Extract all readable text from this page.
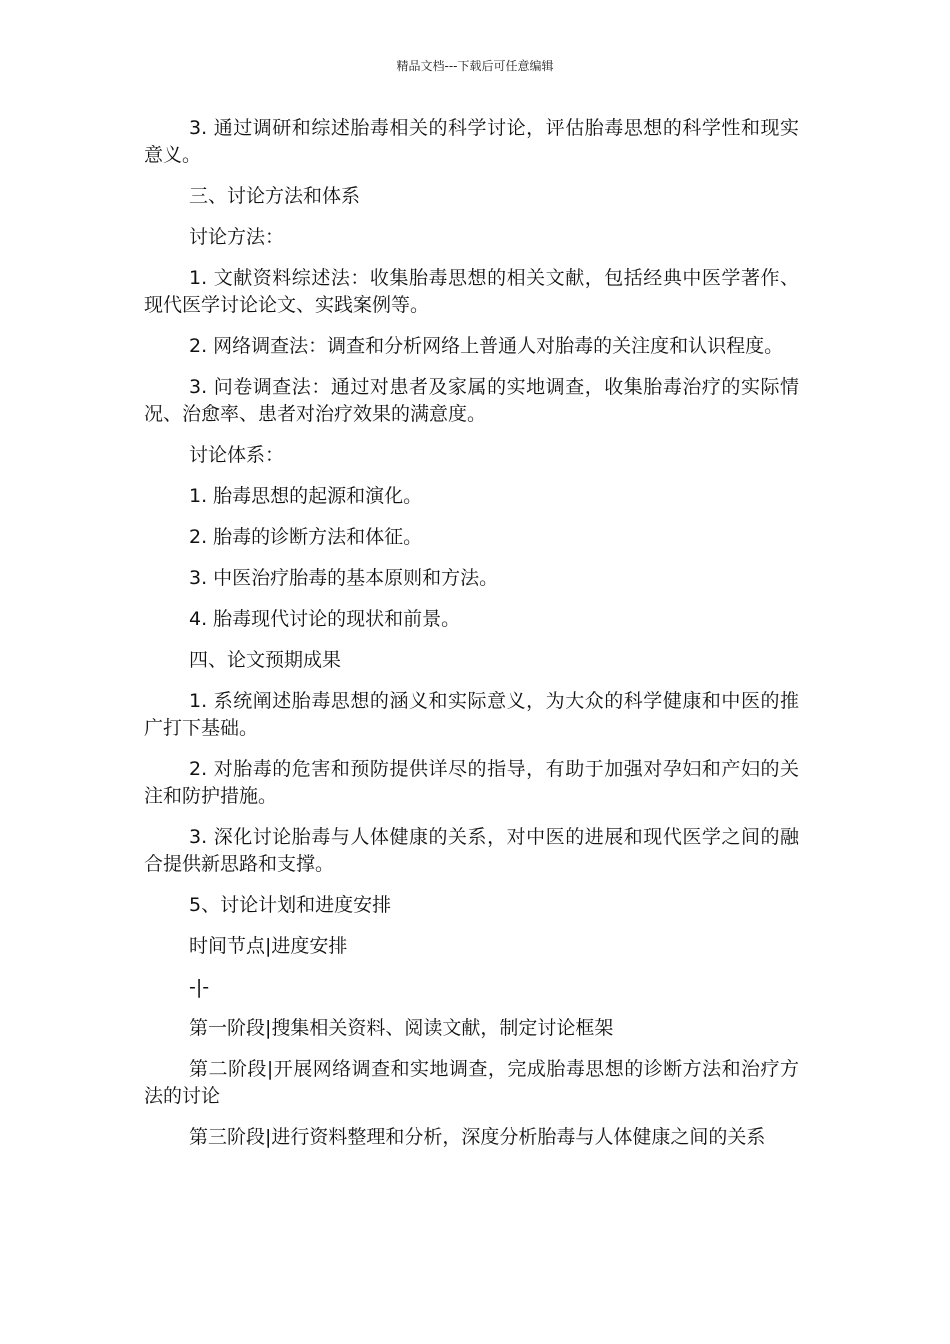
精品文档---下载后可任意编辑

3. 通过调研和综述胎毒相关的科学讨论，评估胎毒思想的科学性和现实意义。

三、讨论方法和体系

讨论方法：

1. 文献资料综述法：收集胎毒思想的相关文献，包括经典中医学著作、现代医学讨论论文、实践案例等。

2. 网络调查法：调查和分析网络上普通人对胎毒的关注度和认识程度。

3. 问卷调查法：通过对患者及家属的实地调查，收集胎毒治疗的实际情况、治愈率、患者对治疗效果的满意度。

讨论体系：

1. 胎毒思想的起源和演化。

2. 胎毒的诊断方法和体征。

3. 中医治疗胎毒的基本原则和方法。

4. 胎毒现代讨论的现状和前景。

四、论文预期成果

1. 系统阐述胎毒思想的涵义和实际意义，为大众的科学健康和中医的推广打下基础。

2. 对胎毒的危害和预防提供详尽的指导，有助于加强对孕妇和产妇的关注和防护措施。

3. 深化讨论胎毒与人体健康的关系，对中医的进展和现代医学之间的融合提供新思路和支撑。

5、讨论计划和进度安排

时间节点|进度安排

-|-

第一阶段|搜集相关资料、阅读文献，制定讨论框架

第二阶段|开展网络调查和实地调查，完成胎毒思想的诊断方法和治疗方法的讨论

第三阶段|进行资料整理和分析，深度分析胎毒与人体健康之间的关系
